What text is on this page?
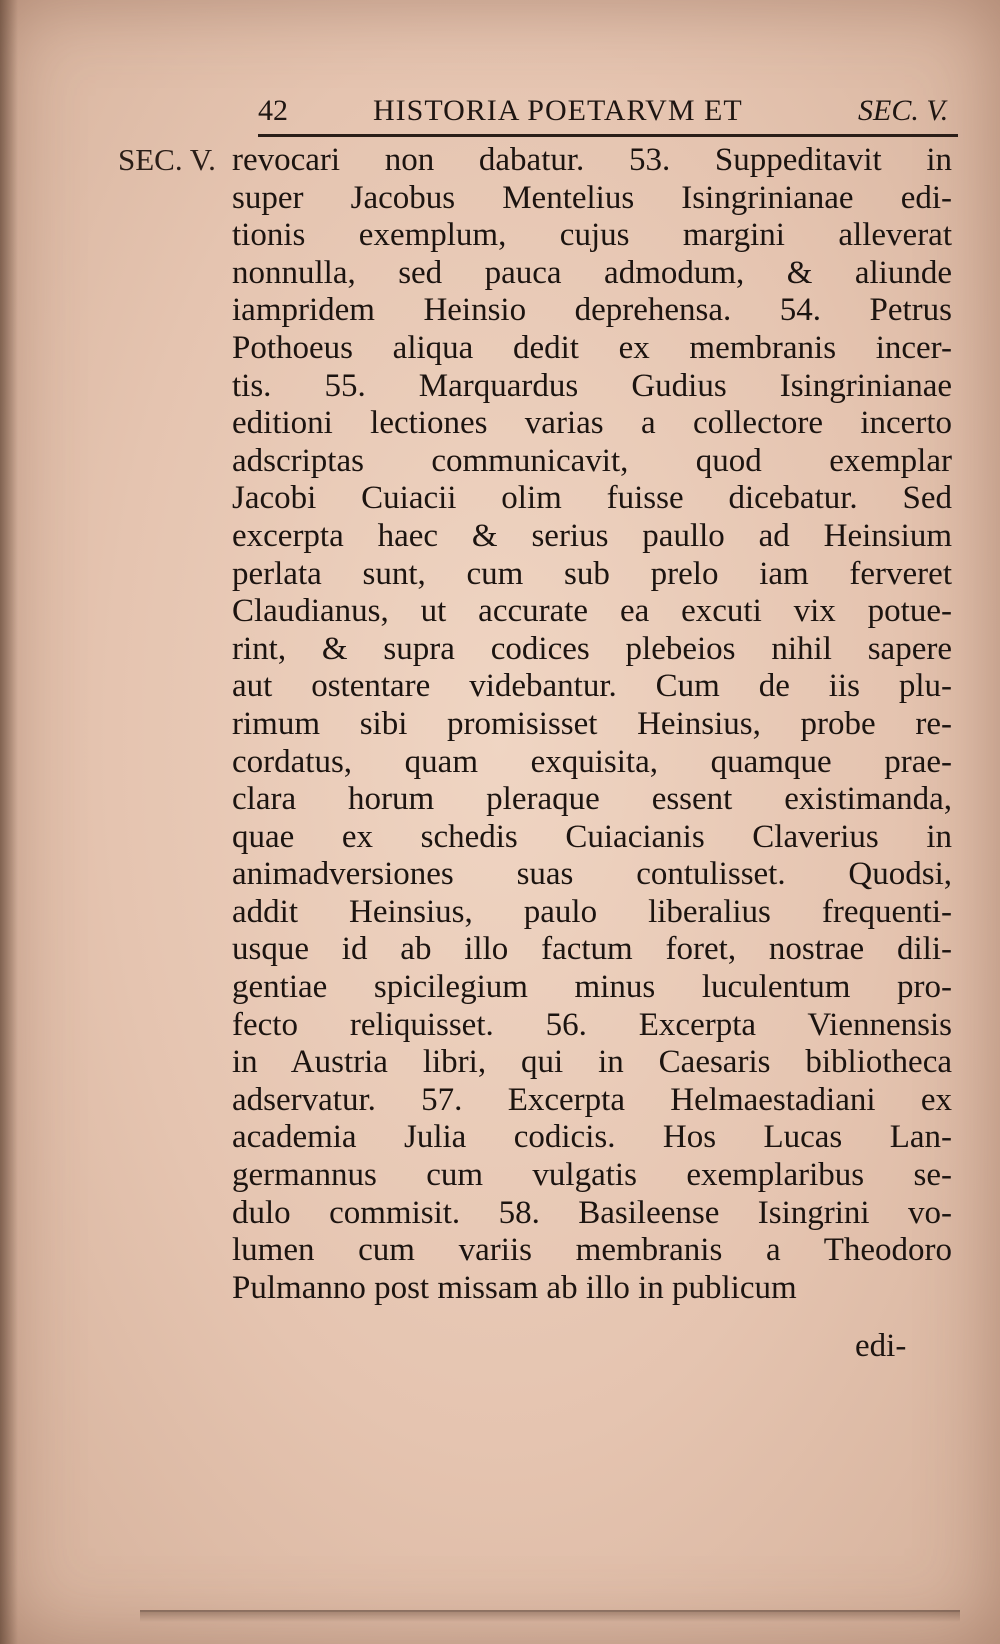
42	HISTORIA POETARVM ET	SEC. V.
SEC. V. revocari non dabatur. 53. Suppeditavit in
super Jacobus Mentelius Isingrinianae edi-
tionis exemplum, cujus margini alleverat
nonnulla, sed pauca admodum, & aliunde
iampridem Heinsio deprehensa. 54. Petrus
Pothoeus aliqua dedit ex membranis incer-
tis. 55. Marquardus Gudius Isingrinianae
editioni lectiones varias a collectore incerto
adscriptas communicavit, quod exemplar
Jacobi Cuiacii olim fuisse dicebatur. Sed
excerpta haec & serius paullo ad Heinsium
perlata sunt, cum sub prelo iam ferveret
Claudianus, ut accurate ea excuti vix potue-
rint, & supra codices plebeios nihil sapere
aut ostentare videbantur. Cum de iis plu-
rimum sibi promisisset Heinsius, probe re-
cordatus, quam exquisita, quamque prae-
clara horum pleraque essent existimanda,
quae ex schedis Cuiacianis Claverius in
animadversiones suas contulisset. Quodsi,
addit Heinsius, paulo liberalius frequenti-
usque id ab illo factum foret, nostrae dili-
gentiae spicilegium minus luculentum pro-
fecto reliquisset. 56. Excerpta Viennensis
in Austria libri, qui in Caesaris bibliotheca
adservatur. 57. Excerpta Helmaestadiani ex
academia Julia codicis. Hos Lucas Lan-
germannus cum vulgatis exemplaribus se-
dulo commisit. 58. Basileense Isingrini vo-
lumen cum variis membranis a Theodoro
Pulmanno post missam ab illo in publicum
edi-
